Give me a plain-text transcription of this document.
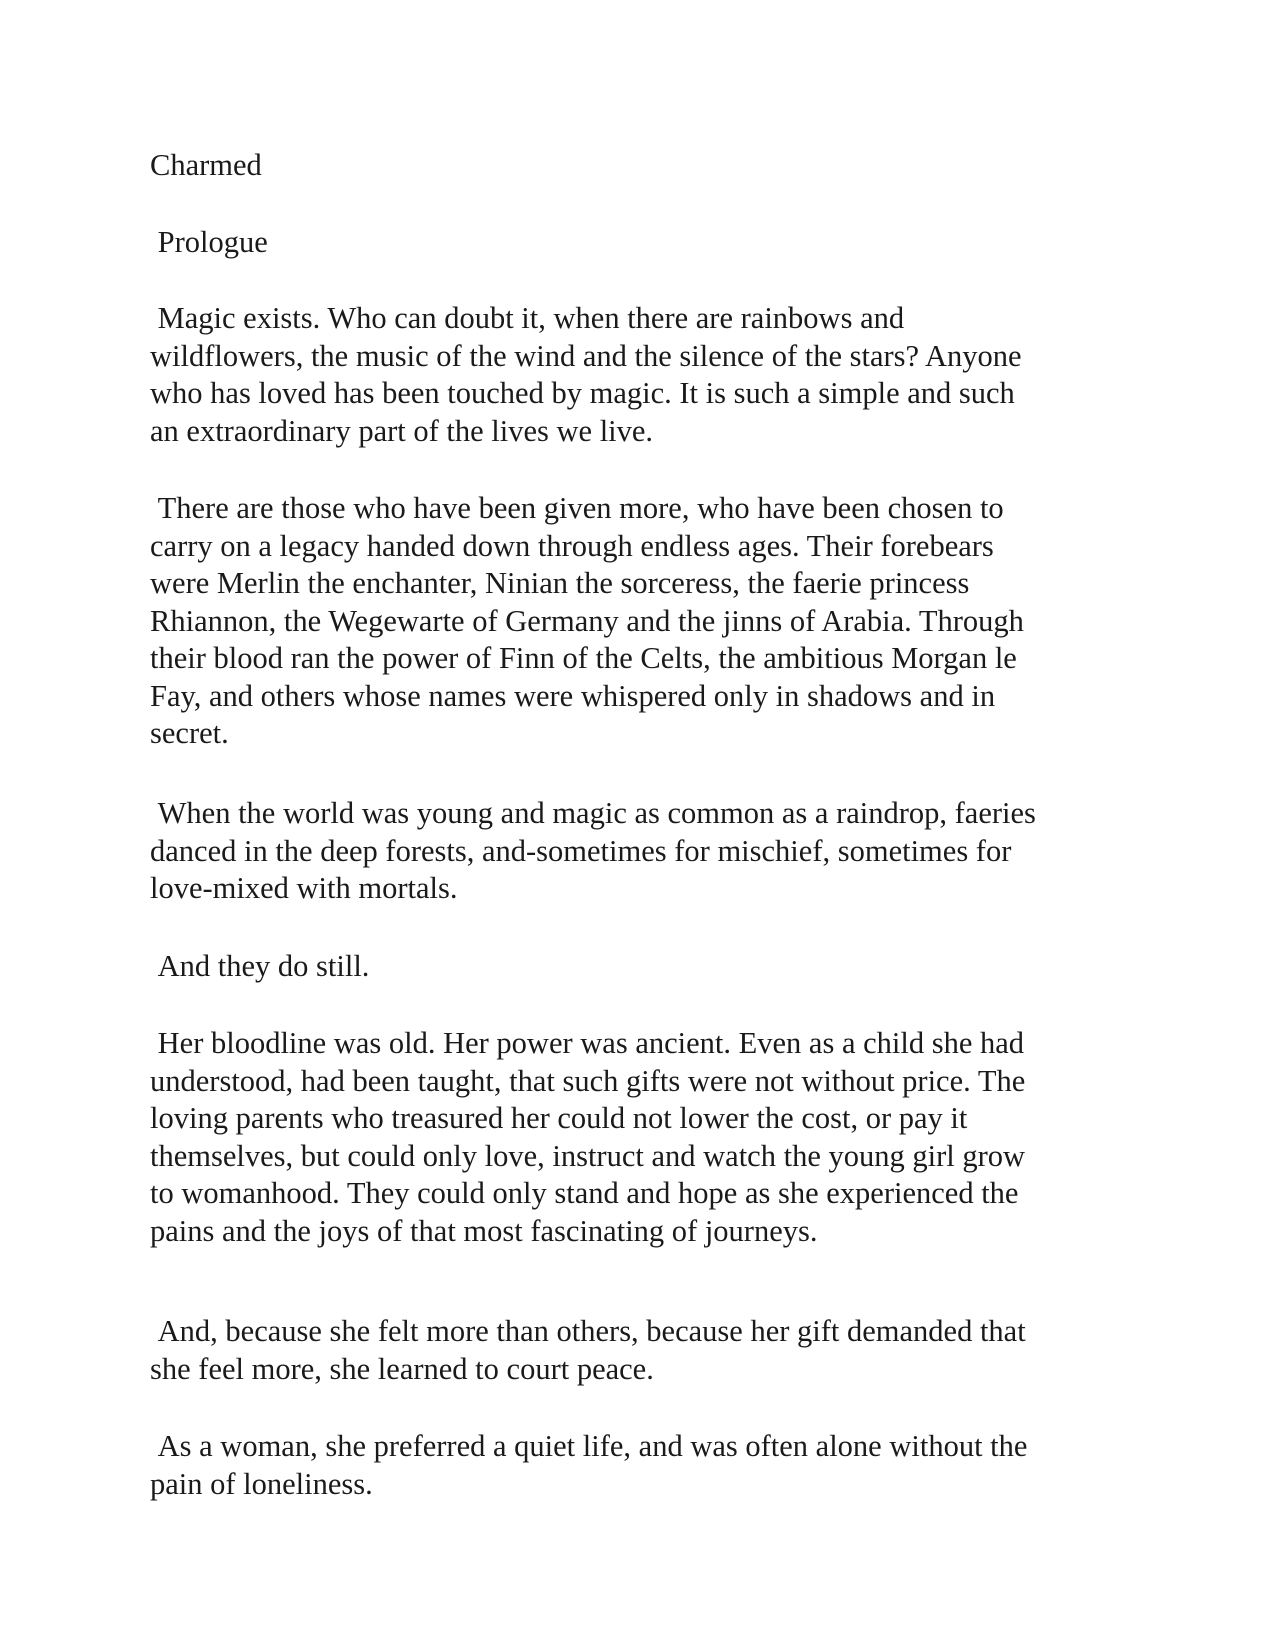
Charmed

Prologue

Magic exists. Who can doubt it, when there are rainbows and
wildflowers, the music of the wind and the silence of the stars? Anyone
who has loved has been touched by magic. It is such a simple and such
an extraordinary part of the lives we live.

There are those who have been given more, who have been chosen to
carry on a legacy handed down through endless ages. Their forebears
were Merlin the enchanter, Ninian the sorceress, the faerie princess
Rhiannon, the Wegewarte of Germany and the jinns of Arabia. Through
their blood ran the power of Finn of the Celts, the ambitious Morgan le
Fay, and others whose names were whispered only in shadows and in
secret.

When the world was young and magic as common as a raindrop, faeries
danced in the deep forests, and-sometimes for mischief, sometimes for
love-mixed with mortals.

And they do still.

Her bloodline was old. Her power was ancient. Even as a child she had
understood, had been taught, that such gifts were not without price. The
loving parents who treasured her could not lower the cost, or pay it
themselves, but could only love, instruct and watch the young girl grow
to womanhood. They could only stand and hope as she experienced the
pains and the joys of that most fascinating of journeys.

And, because she felt more than others, because her gift demanded that
she feel more, she learned to court peace.

As a woman, she preferred a quiet life, and was often alone without the
pain of loneliness.
